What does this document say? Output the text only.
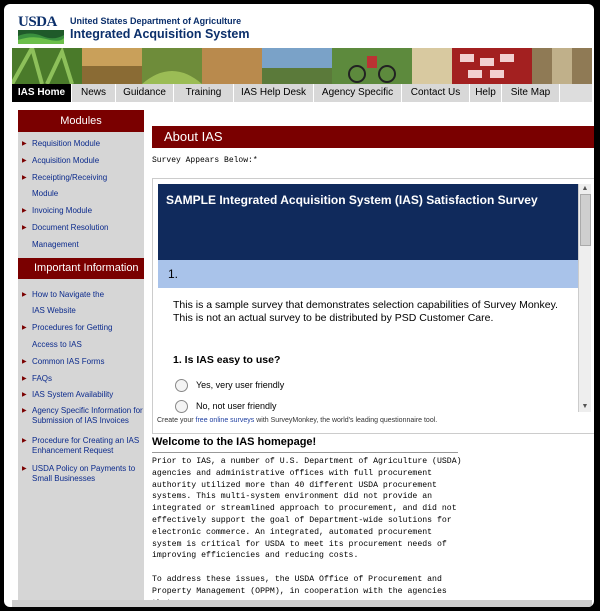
USDA United States Department of Agriculture
Integrated Acquisition System
IAS Home	News	Guidance	Training	IAS Help Desk	Agency Specific	Contact Us	Help	Site Map
Modules
▶ Requisition Module
▶ Acquisition Module
▶ Receipting/Receiving
Module
▶ Invoicing Module
▶ Document Resolution
Management
Important Information
▶ How to Navigate the
IAS Website
▶ Procedures for Getting
Access to IAS
▶ Common IAS Forms
▶ FAQs
▶ IAS System Availability
▶ Agency Specific Information for Submission of IAS Invoices
▶ Procedure for Creating an IAS Enhancement Request
▶ USDA Policy on Payments to Small Businesses
About IAS
Survey Appears Below:*
SAMPLE Integrated Acquisition System (IAS) Satisfaction Survey
1.
This is a sample survey that demonstrates selection capabilities of Survey Monkey. This is not an actual survey to be distributed by PSD Customer Care.
1. Is IAS easy to use?
Yes, very user friendly
No, not user friendly
▲
▼
Create your free online surveys with SurveyMonkey, the world's leading questionnaire tool.
Welcome to the IAS homepage!

Prior to IAS, a number of U.S. Department of Agriculture (USDA) agencies and administrative offices with full procurement authority utilized more than 40 different USDA procurement systems. This multi-system environment did not provide an integrated or streamlined approach to procurement, and did not effectively support the goal of Department-wide solutions for electronic commerce. An integrated, automated procurement system is critical for USDA to meet its procurement needs of improving efficiencies and reducing costs.

To address these issues, the USDA Office of Procurement and Property Management (OPPM), in cooperation with the agencies
